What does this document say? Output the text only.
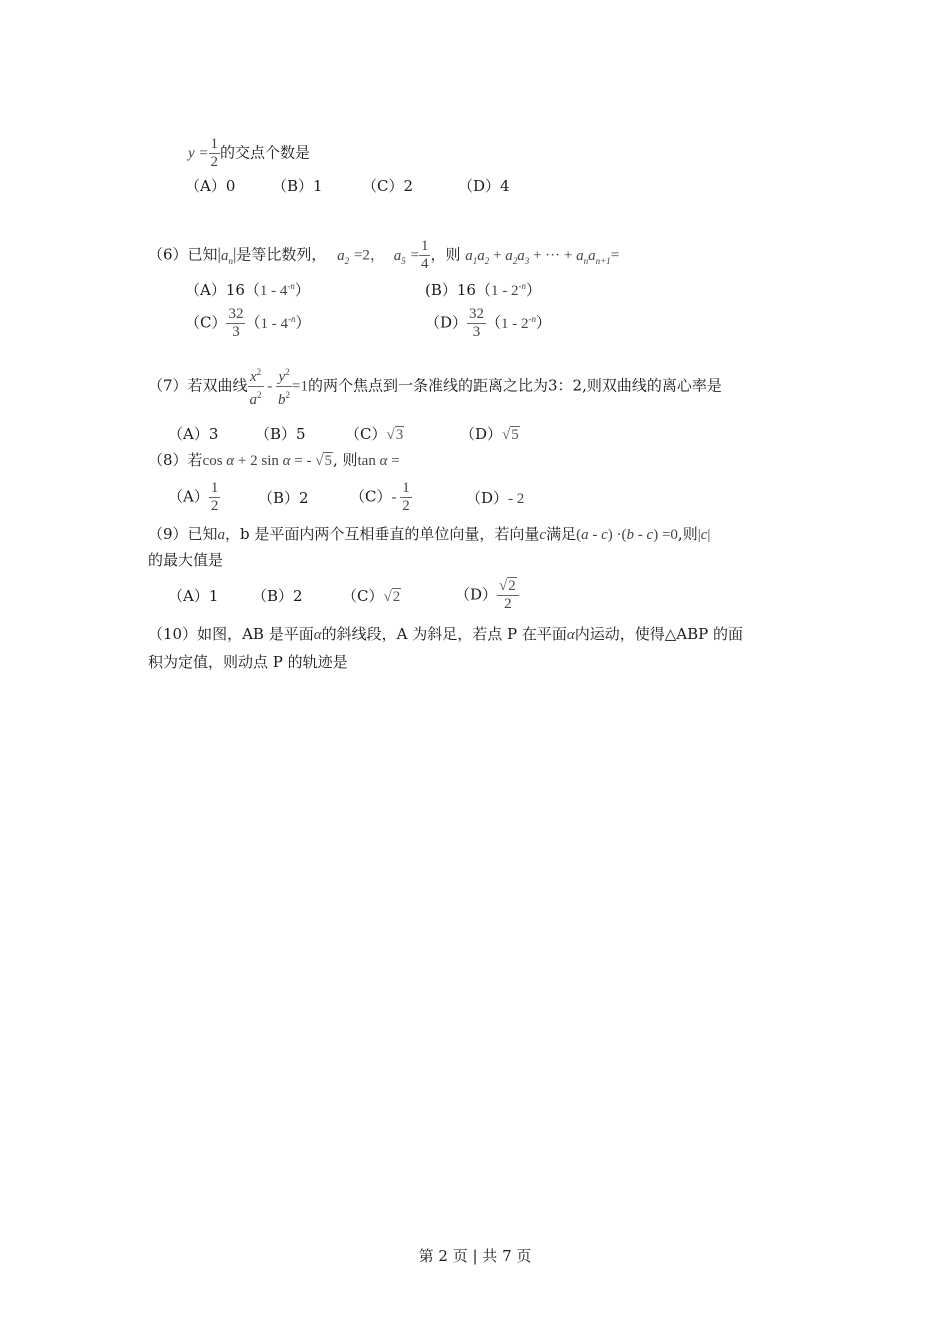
$y = \frac{1}{2}$ 的交点个数是
（A）0 （B）1	（C）2	（D）4
（6）已知$|a_n|$是等比数列， $a_2 =2$， $a_5 = \frac{1}{4}$ ，则 $a_1a_2 + a_2a_3$ + ··· + $a_na_{n+1}=$
$(A)16(1 - 4^{-n})$	$(B)16(1 - 2^{-n})$
$(C) \frac{32}{3} (1 - 4^{-n})$	$(D) \frac{32}{3} (1 - 2^{-n})$
（7）若双曲线 $\frac{x^2}{a^2} - \frac{y^2}{b^2} =1$的两个焦点到一条准线的距离之比为3：2,则双曲线的离心率是
（A）3 （B）5	（C）√3	（D）√5
（8）若cos α + 2 sin α = - √5, 则tan α =
$(A) \frac{1}{2}$	（B）2	$(C)- \frac{1}{2}$	（D）- 2
（9）已知a，b 是平面内两个互相垂直的单位向量，若向量c满足(a - c) ·(b - c) =0,则|c|
的最大值是
（A）1 （B）2	（C）√2	$(D) \frac{√2}{2}$
（10）如图，AB 是平面α的斜线段，A 为斜足，若点 P 在平面α内运动，使得△ABP 的面
积为定值，则动点 P 的轨迹是
第 2 页 | 共 7 页
